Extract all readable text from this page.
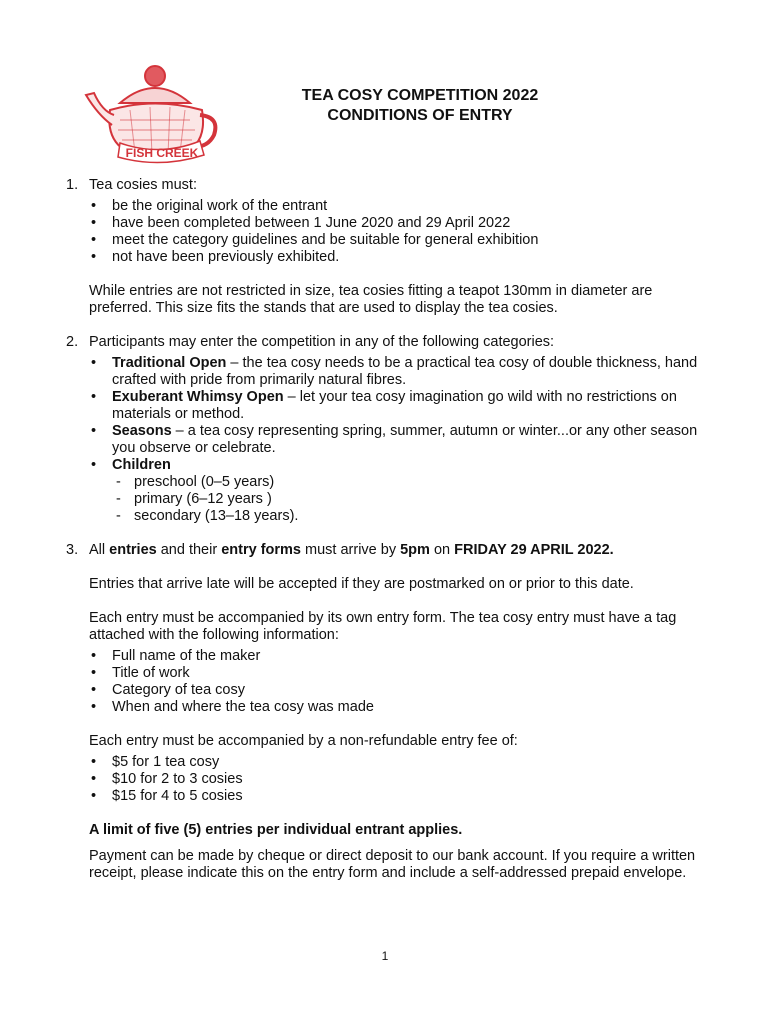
FISH CREEK
TEA COSY COMPETITION 2022
CONDITIONS OF ENTRY
1. Tea cosies must:

• be the original work of the entrant
• have been completed between 1 June 2020 and 29 April 2022
• meet the category guidelines and be suitable for general exhibition
• not have been previously exhibited.

While entries are not restricted in size, tea cosies fitting a teapot 130mm in diameter are preferred. This size fits the stands that are used to display the tea cosies.

2. Participants may enter the competition in any of the following categories:

• Traditional Open – the tea cosy needs to be a practical tea cosy of double thickness, hand crafted with pride from primarily natural fibres.
• Exuberant Whimsy Open – let your tea cosy imagination go wild with no restrictions on materials or method.
• Seasons – a tea cosy representing spring, summer, autumn or winter...or any other season you observe or celebrate.
• Children
- preschool (0–5 years)
- primary (6–12 years )
- secondary (13–18 years).
3. All entries and their entry forms must arrive by 5pm on FRIDAY 29 APRIL 2022.

Entries that arrive late will be accepted if they are postmarked on or prior to this date.

Each entry must be accompanied by its own entry form. The tea cosy entry must have a tag attached with the following information:

• Full name of the maker
• Title of work
• Category of tea cosy
• When and where the tea cosy was made

Each entry must be accompanied by a non-refundable entry fee of:

• $5 for 1 tea cosy
• $10 for 2 to 3 cosies
• $15 for 4 to 5 cosies

A limit of five (5) entries per individual entrant applies.

Payment can be made by cheque or direct deposit to our bank account. If you require a written receipt, please indicate this on the entry form and include a self-addressed prepaid envelope.

1
